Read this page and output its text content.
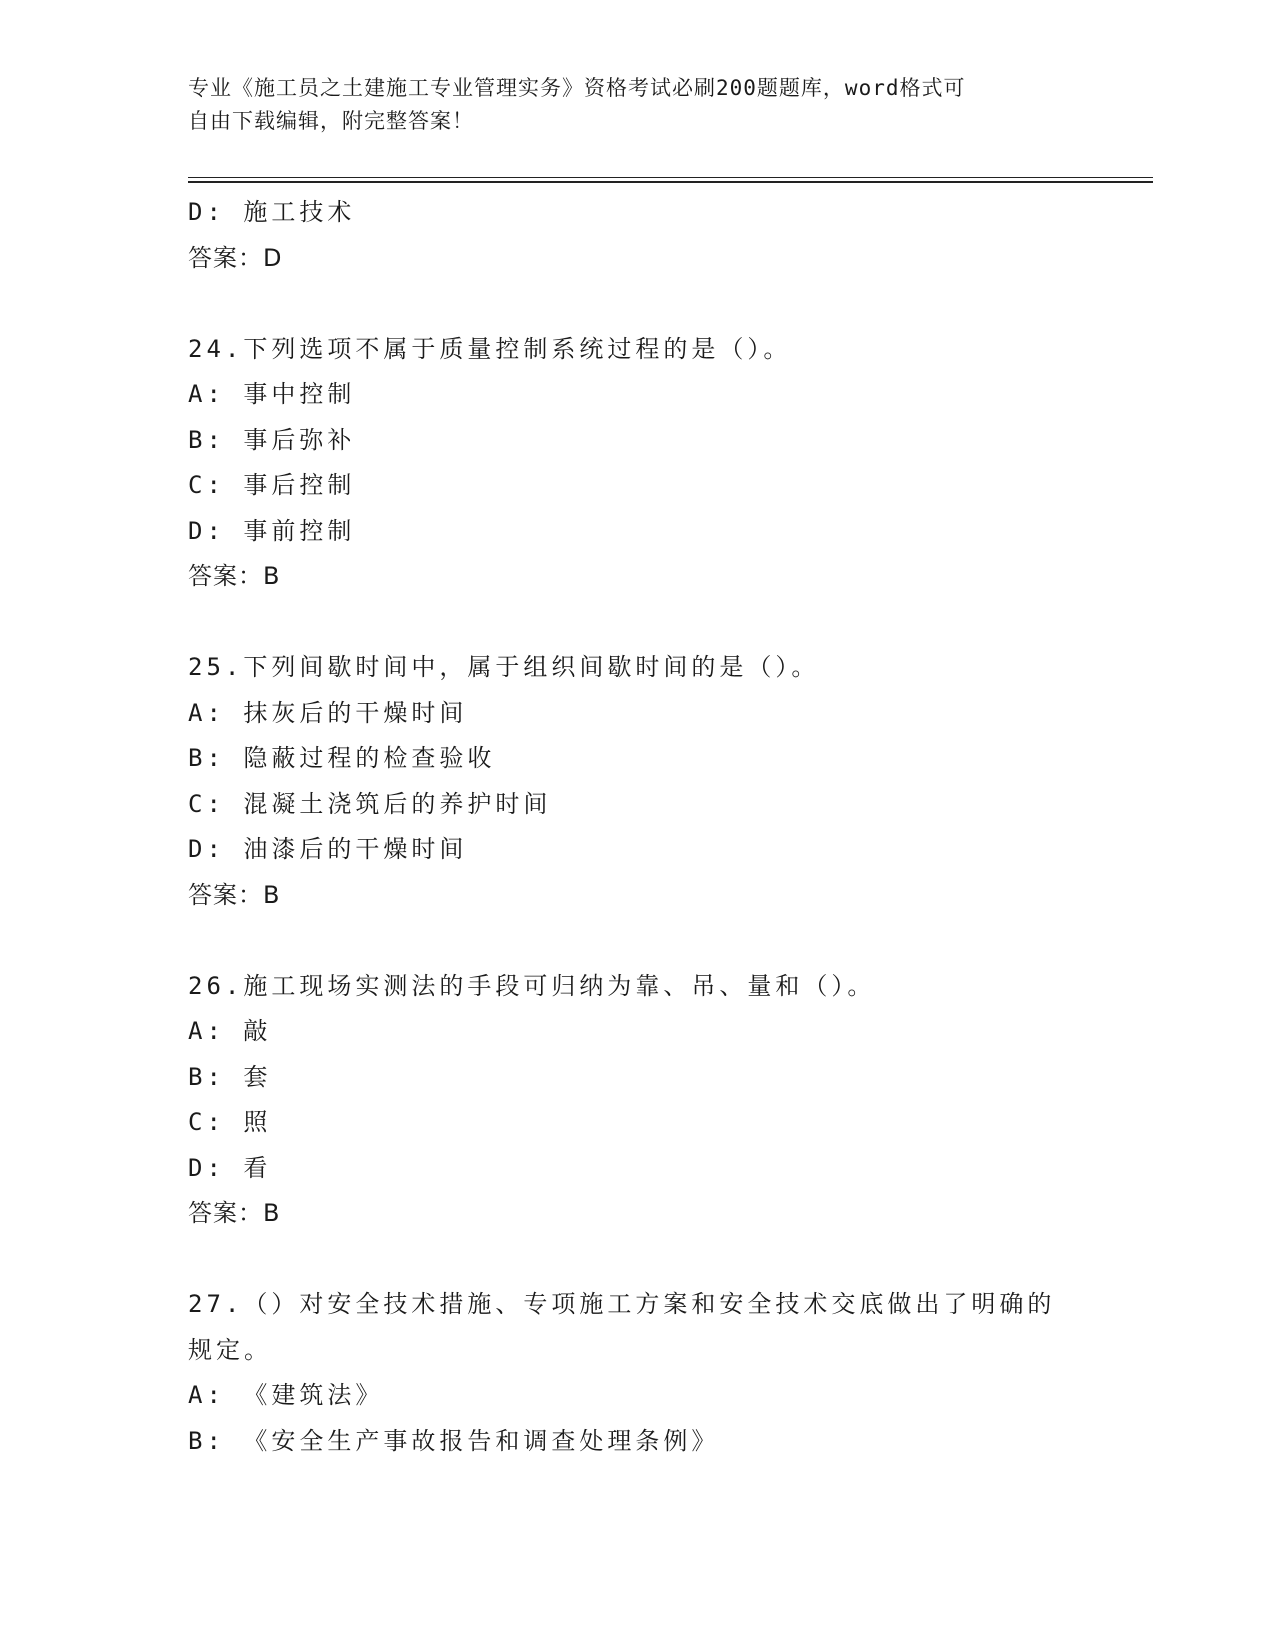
专业《施工员之土建施工专业管理实务》资格考试必刷200题题库，word格式可
自由下载编辑，附完整答案！
D: 施工技术
答案：D
24.下列选项不属于质量控制系统过程的是（）。
A: 事中控制
B: 事后弥补
C: 事后控制
D: 事前控制
答案：B
25.下列间歇时间中，属于组织间歇时间的是（）。
A: 抹灰后的干燥时间
B: 隐蔽过程的检查验收
C: 混凝土浇筑后的养护时间
D: 油漆后的干燥时间
答案：B
26.施工现场实测法的手段可归纳为靠、吊、量和（）。
A: 敲
B: 套
C: 照
D: 看
答案：B
27.（）对安全技术措施、专项施工方案和安全技术交底做出了明确的
规定。
A: 《建筑法》
B: 《安全生产事故报告和调查处理条例》
